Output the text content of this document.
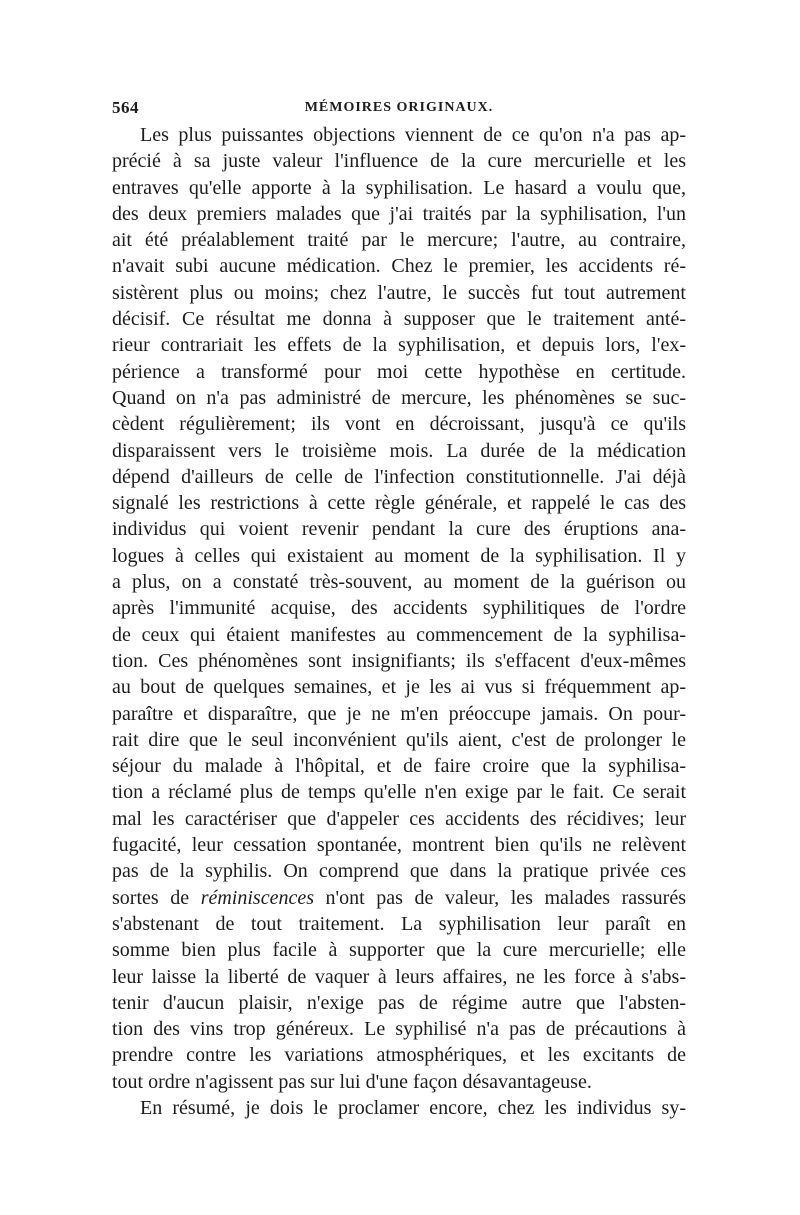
564	MÉMOIRES ORIGINAUX.
Les plus puissantes objections viennent de ce qu'on n'a pas ap-
précié à sa juste valeur l'influence de la cure mercurielle et les
entraves qu'elle apporte à la syphilisation. Le hasard a voulu que,
des deux premiers malades que j'ai traités par la syphilisation, l'un
ait été préalablement traité par le mercure; l'autre, au contraire,
n'avait subi aucune médication. Chez le premier, les accidents ré-
sistèrent plus ou moins; chez l'autre, le succès fut tout autrement
décisif. Ce résultat me donna à supposer que le traitement anté-
rieur contrariait les effets de la syphilisation, et depuis lors, l'ex-
périence a transformé pour moi cette hypothèse en certitude.
Quand on n'a pas administré de mercure, les phénomènes se suc-
cèdent régulièrement; ils vont en décroissant, jusqu'à ce qu'ils
disparaissent vers le troisième mois. La durée de la médication
dépend d'ailleurs de celle de l'infection constitutionnelle. J'ai déjà
signalé les restrictions à cette règle générale, et rappelé le cas des
individus qui voient revenir pendant la cure des éruptions ana-
logues à celles qui existaient au moment de la syphilisation. Il y
a plus, on a constaté très-souvent, au moment de la guérison ou
après l'immunité acquise, des accidents syphilitiques de l'ordre
de ceux qui étaient manifestes au commencement de la syphilisa-
tion. Ces phénomènes sont insignifiants; ils s'effacent d'eux-mêmes
au bout de quelques semaines, et je les ai vus si fréquemment ap-
paraître et disparaître, que je ne m'en préoccupe jamais. On pour-
rait dire que le seul inconvénient qu'ils aient, c'est de prolonger le
séjour du malade à l'hôpital, et de faire croire que la syphilisa-
tion a réclamé plus de temps qu'elle n'en exige par le fait. Ce serait
mal les caractériser que d'appeler ces accidents des récidives; leur
fugacité, leur cessation spontanée, montrent bien qu'ils ne relèvent
pas de la syphilis. On comprend que dans la pratique privée ces
sortes de réminiscences n'ont pas de valeur, les malades rassurés
s'abstenant de tout traitement. La syphilisation leur paraît en
somme bien plus facile à supporter que la cure mercurielle; elle
leur laisse la liberté de vaquer à leurs affaires, ne les force à s'abs-
tenir d'aucun plaisir, n'exige pas de régime autre que l'absten-
tion des vins trop généreux. Le syphilisé n'a pas de précautions à
prendre contre les variations atmosphériques, et les excitants de
tout ordre n'agissent pas sur lui d'une façon désavantageuse.
En résumé, je dois le proclamer encore, chez les individus sy-
